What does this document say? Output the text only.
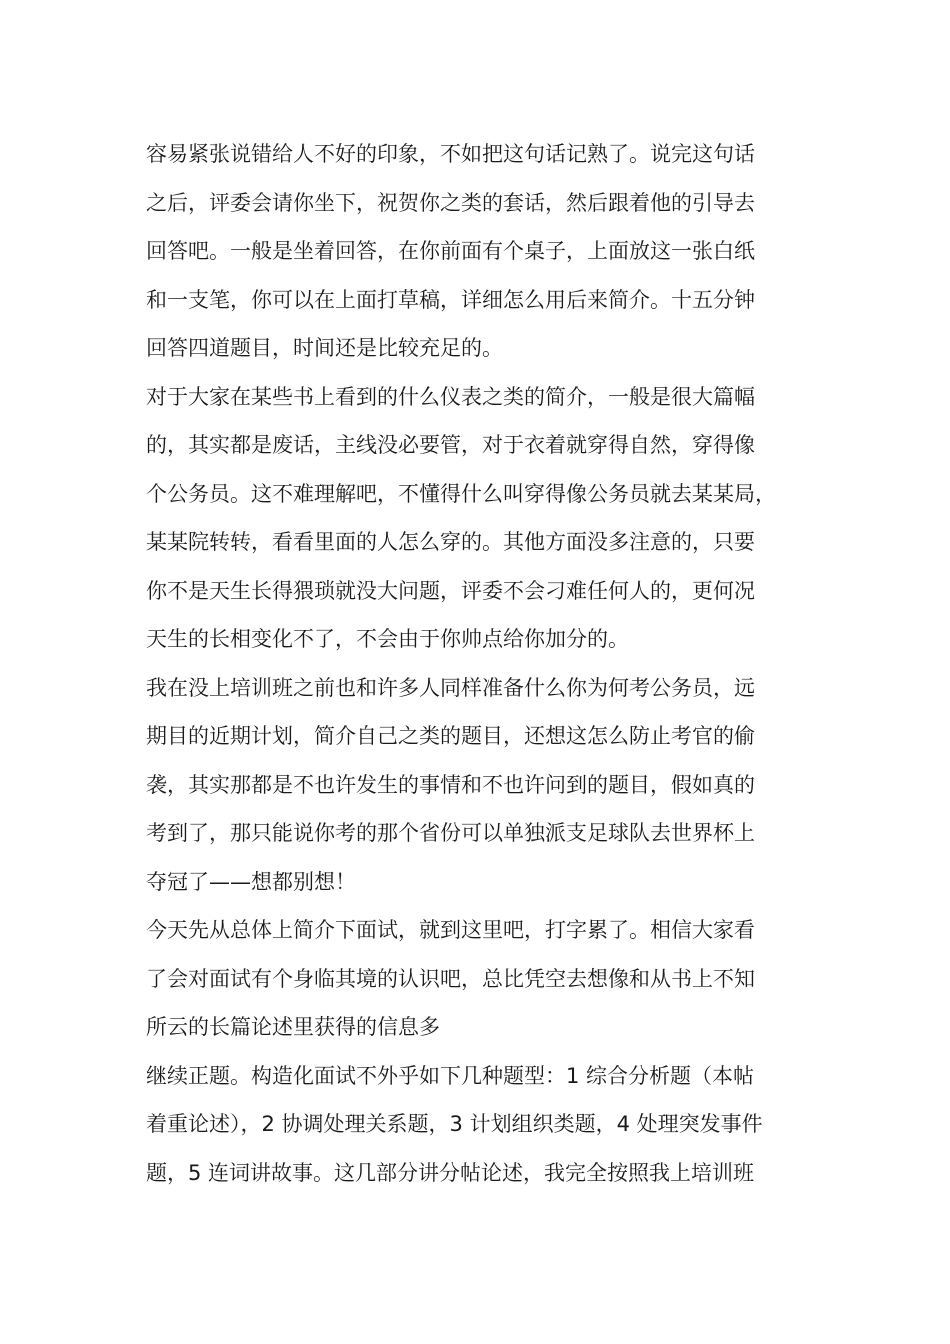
容易紧张说错给人不好的印象，不如把这句话记熟了。说完这句话
之后，评委会请你坐下，祝贺你之类的套话，然后跟着他的引导去
回答吧。一般是坐着回答，在你前面有个桌子，上面放这一张白纸
和一支笔，你可以在上面打草稿，详细怎么用后来简介。十五分钟
回答四道题目，时间还是比较充足的。
对于大家在某些书上看到的什么仪表之类的简介，一般是很大篇幅
的，其实都是废话，主线没必要管，对于衣着就穿得自然，穿得像
个公务员。这不难理解吧，不懂得什么叫穿得像公务员就去某某局，
某某院转转，看看里面的人怎么穿的。其他方面没多注意的，只要
你不是天生长得猥琐就没大问题，评委不会刁难任何人的，更何况
天生的长相变化不了，不会由于你帅点给你加分的。
我在没上培训班之前也和许多人同样准备什么你为何考公务员，远
期目的近期计划，简介自己之类的题目，还想这怎么防止考官的偷
袭，其实那都是不也许发生的事情和不也许问到的题目，假如真的
考到了，那只能说你考的那个省份可以单独派支足球队去世界杯上
夺冠了——想都别想！
今天先从总体上简介下面试，就到这里吧，打字累了。相信大家看
了会对面试有个身临其境的认识吧，总比凭空去想像和从书上不知
所云的长篇论述里获得的信息多
继续正题。构造化面试不外乎如下几种题型：1 综合分析题（本帖
着重论述），2 协调处理关系题，3 计划组织类题，4 处理突发事件
题，5 连词讲故事。这几部分讲分帖论述，我完全按照我上培训班
